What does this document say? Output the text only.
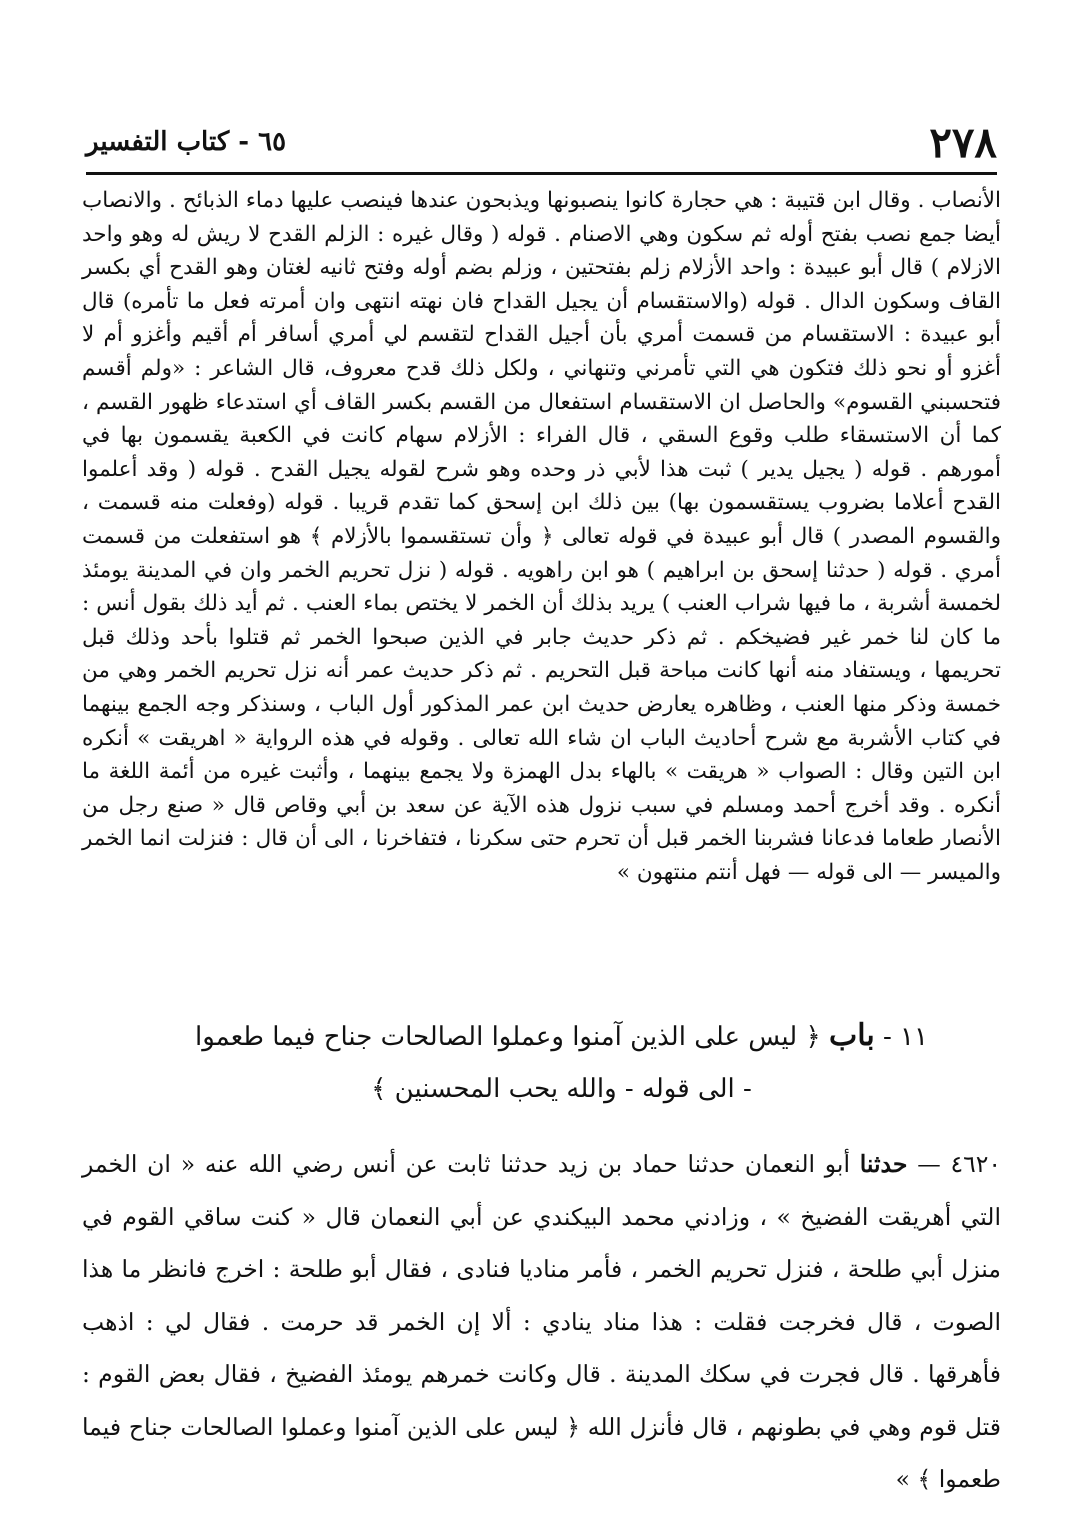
٢٧٨
٦٥ - كتاب التفسير

الأنصاب . وقال ابن قتيبة : هي حجارة كانوا ينصبونها ويذبحون عندها فينصب عليها دماء الذبائح . والانصاب أيضا جمع نصب بفتح أوله ثم سكون وهي الاصنام . قوله ( وقال غيره : الزلم القدح لا ريش له وهو واحد الازلام ) قال أبو عبيدة : واحد الأزلام زلم بفتحتين ، وزلم بضم أوله وفتح ثانيه لغتان وهو القدح أي بكسر القاف وسكون الدال . قوله (والاستقسام أن يجيل القداح فان نهته انتهى وان أمرته فعل ما تأمره) قال أبو عبيدة : الاستقسام من قسمت أمري بأن أجيل القداح لتقسم لي أمري أسافر أم أقيم وأغزو أم لا أغزو أو نحو ذلك فتكون هي التي تأمرني وتنهاني ، ولكل ذلك قدح معروف، قال الشاعر : «ولم أقسم فتحسبني القسوم» والحاصل ان الاستقسام استفعال من القسم بكسر القاف أي استدعاء ظهور القسم ، كما أن الاستسقاء طلب وقوع السقي ، قال الفراء : الأزلام سهام كانت في الكعبة يقسمون بها في أمورهم . قوله ( يجيل يدير ) ثبت هذا لأبي ذر وحده وهو شرح لقوله يجيل القدح . قوله ( وقد أعلموا القدح أعلاما بضروب يستقسمون بها) بين ذلك ابن إسحق كما تقدم قريبا . قوله (وفعلت منه قسمت ، والقسوم المصدر ) قال أبو عبيدة في قوله تعالى ﴿ وأن تستقسموا بالأزلام ﴾ هو استفعلت من قسمت أمري . قوله ( حدثنا إسحق بن ابراهيم ) هو ابن راهويه . قوله ( نزل تحريم الخمر وان في المدينة يومئذ لخمسة أشربة ، ما فيها شراب العنب ) يريد بذلك أن الخمر لا يختص بماء العنب . ثم أيد ذلك بقول أنس : ما كان لنا خمر غير فضيخكم . ثم ذكر حديث جابر في الذين صبحوا الخمر ثم قتلوا بأحد وذلك قبل تحريمها ، ويستفاد منه أنها كانت مباحة قبل التحريم . ثم ذكر حديث عمر أنه نزل تحريم الخمر وهي من خمسة وذكر منها العنب ، وظاهره يعارض حديث ابن عمر المذكور أول الباب ، وسنذكر وجه الجمع بينهما في كتاب الأشربة مع شرح أحاديث الباب ان شاء الله تعالى . وقوله في هذه الرواية « اهريقت » أنكره ابن التين وقال : الصواب « هريقت » بالهاء بدل الهمزة ولا يجمع بينهما ، وأثبت غيره من أئمة اللغة ما أنكره . وقد أخرج أحمد ومسلم في سبب نزول هذه الآية عن سعد بن أبي وقاص قال « صنع رجل من الأنصار طعاما فدعانا فشربنا الخمر قبل أن تحرم حتى سكرنا ، فتفاخرنا ، الى أن قال : فنزلت انما الخمر والميسر — الى قوله — فهل أنتم منتهون »

١١ - باب ﴿ ليس على الذين آمنوا وعملوا الصالحات جناح فيما طعموا
- الى قوله - والله يحب المحسنين ﴾

٤٦٢٠ — حدثنا أبو النعمان حدثنا حماد بن زيد حدثنا ثابت عن أنس رضي الله عنه « ان الخمر التي أهريقت الفضيخ » ، وزادني محمد البيكندي عن أبي النعمان قال « كنت ساقي القوم في منزل أبي طلحة ، فنزل تحريم الخمر ، فأمر مناديا فنادى ، فقال أبو طلحة : اخرج فانظر ما هذا الصوت ، قال فخرجت فقلت : هذا مناد ينادي : ألا إن الخمر قد حرمت . فقال لي : اذهب فأهرقها . قال فجرت في سكك المدينة . قال وكانت خمرهم يومئذ الفضيخ ، فقال بعض القوم : قتل قوم وهي في بطونهم ، قال فأنزل الله ﴿ ليس على الذين آمنوا وعملوا الصالحات جناح فيما طعموا ﴾ »
